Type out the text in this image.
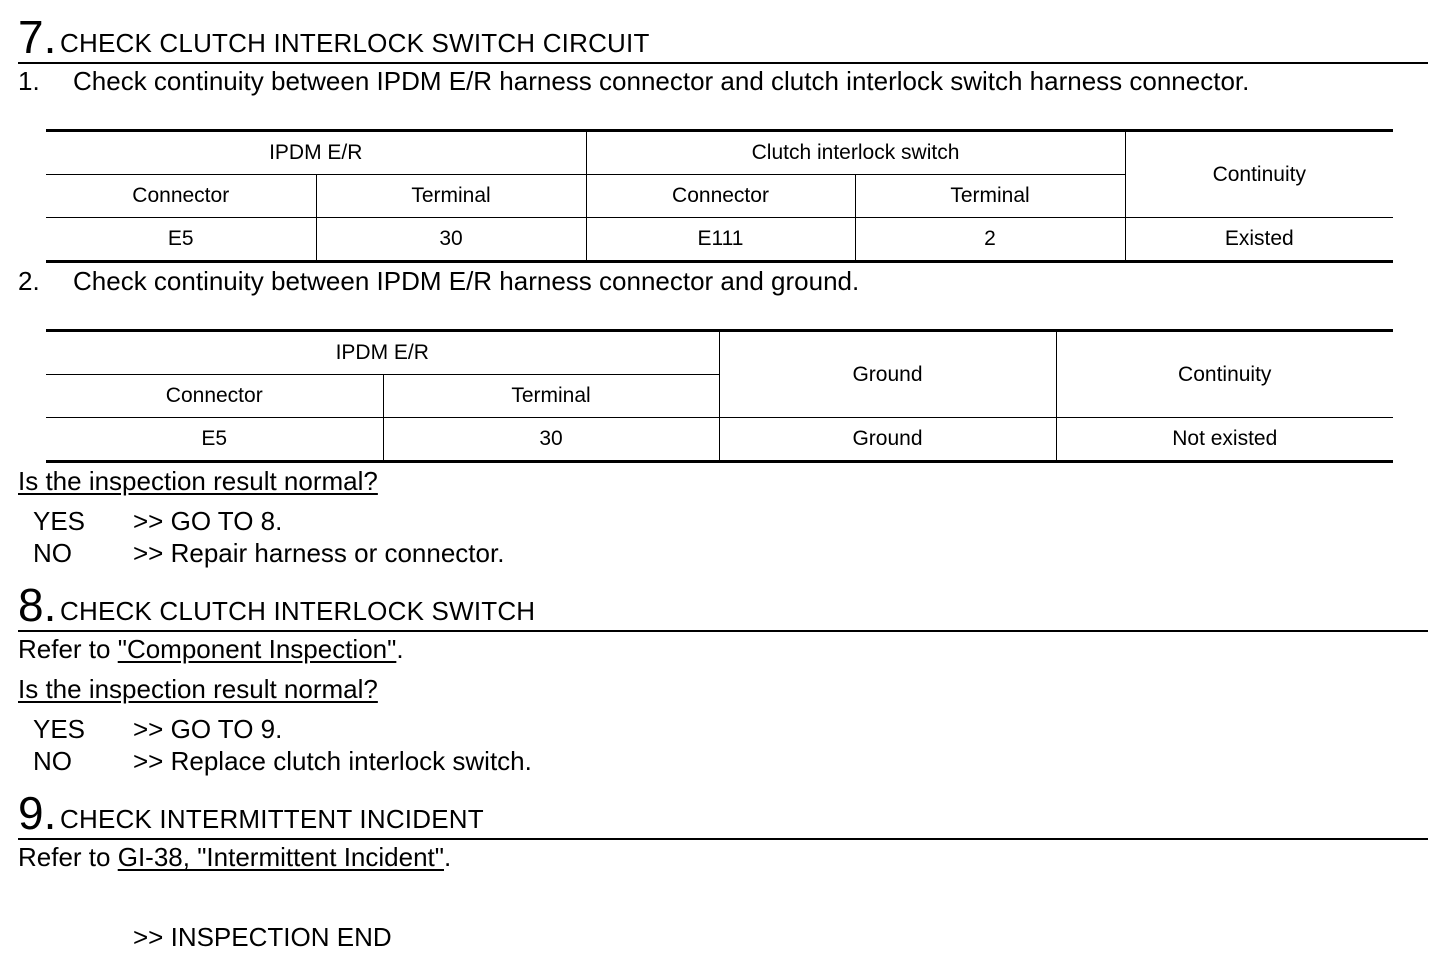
7. CHECK CLUTCH INTERLOCK SWITCH CIRCUIT
1. Check continuity between IPDM E/R harness connector and clutch interlock switch harness connector.
IPDM E/R		Clutch interlock switch		Continuity
Connector	Terminal	Connector	Terminal	
E5	30	E111	2	Existed
2. Check continuity between IPDM E/R harness connector and ground.
IPDM E/R		Ground	Continuity
Connector	Terminal		
E5	30	Ground	Not existed
Is the inspection result normal?
YES >> GO TO 8.
NO >> Repair harness or connector.
8. CHECK CLUTCH INTERLOCK SWITCH
Refer to "Component Inspection".
Is the inspection result normal?
YES >> GO TO 9.
NO >> Replace clutch interlock switch.
9. CHECK INTERMITTENT INCIDENT
Refer to GI-38, "Intermittent Incident".
>> INSPECTION END
